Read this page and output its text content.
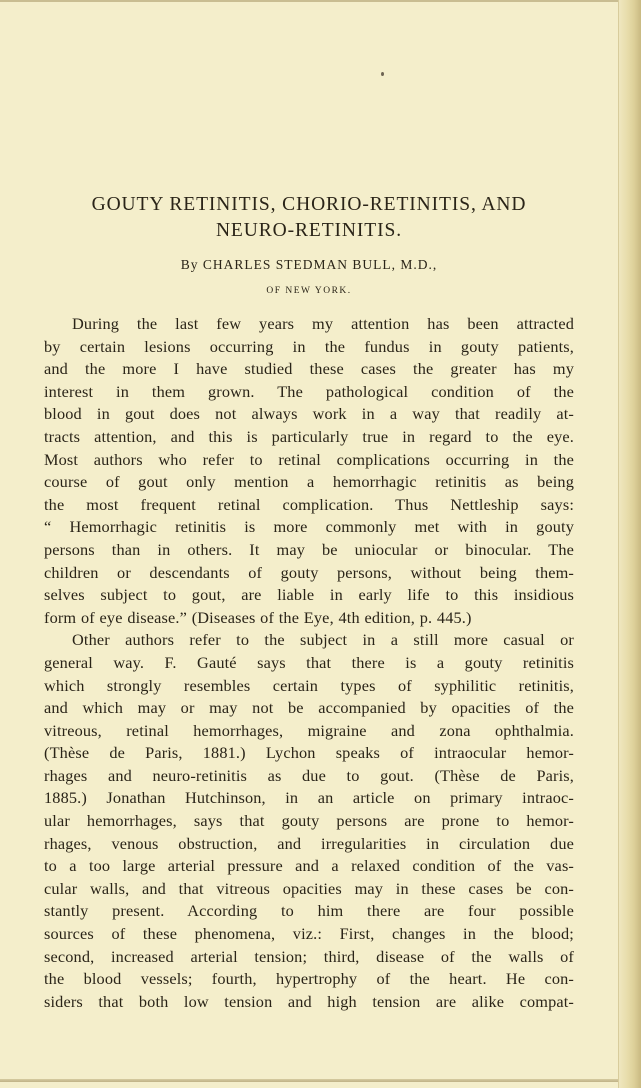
GOUTY RETINITIS, CHORIO-RETINITIS, AND
NEURO-RETINITIS.
By CHARLES STEDMAN BULL, M.D.,
OF NEW YORK.

During the last few years my attention has been attracted
by certain lesions occurring in the fundus in gouty patients,
and the more I have studied these cases the greater has my
interest in them grown. The pathological condition of the
blood in gout does not always work in a way that readily at-
tracts attention, and this is particularly true in regard to the eye.
Most authors who refer to retinal complications occurring in the
course of gout only mention a hemorrhagic retinitis as being
the most frequent retinal complication. Thus Nettleship says:
“ Hemorrhagic retinitis is more commonly met with in gouty
persons than in others. It may be uniocular or binocular. The
children or descendants of gouty persons, without being them-
selves subject to gout, are liable in early life to this insidious
form of eye disease.” (Diseases of the Eye, 4th edition, p. 445.)

Other authors refer to the subject in a still more casual or
general way. F. Gauté says that there is a gouty retinitis
which strongly resembles certain types of syphilitic retinitis,
and which may or may not be accompanied by opacities of the
vitreous, retinal hemorrhages, migraine and zona ophthalmia.
(Thèse de Paris, 1881.) Lychon speaks of intraocular hemor-
rhages and neuro-retinitis as due to gout. (Thèse de Paris,
1885.) Jonathan Hutchinson, in an article on primary intraoc-
ular hemorrhages, says that gouty persons are prone to hemor-
rhages, venous obstruction, and irregularities in circulation due
to a too large arterial pressure and a relaxed condition of the vas-
cular walls, and that vitreous opacities may in these cases be con-
stantly present. According to him there are four possible
sources of these phenomena, viz.: First, changes in the blood;
second, increased arterial tension; third, disease of the walls of
the blood vessels; fourth, hypertrophy of the heart. He con-
siders that both low tension and high tension are alike compat-
